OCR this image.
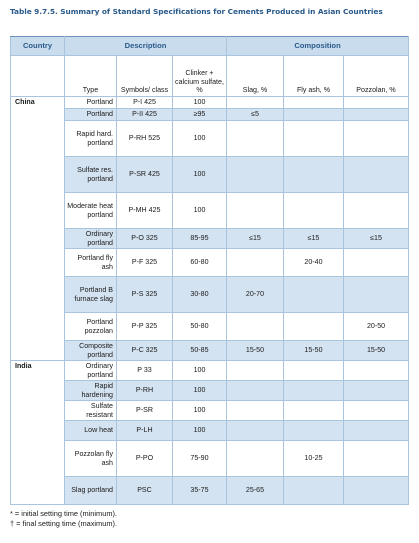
Table 9.7.5. Summary of Standard Specifications for Cements Produced in Asian Countries
Country	Description			Composition		
	Type	Symbols/ class	Clinker + calcium sulfate, %	Slag, %	Fly ash, %	Pozzolan, %
China	Portland	P-I 425	100			
	Portland	P-II 425	≥95	≤5		
	Rapid hard. portland	P-RH 525	100			
	Sulfate res. portland	P-SR 425	100			
	Moderate heat portland	P-MH 425	100			
	Ordinary portland	P-O 325	85-95	≤15	≤15	≤15
	Portland fly ash	P-F 325	60-80		20-40	
	Portland B furnace slag	P-S 325	30-80	20-70		
	Portland pozzolan	P-P 325	50-80			20-50
	Composite portland	P-C 325	50-85	15-50	15-50	15-50
India	Ordinary portland	P 33	100			
	Rapid hardening	P-RH	100			
	Sulfate resistant	P-SR	100			
	Low heat	P-LH	100			
	Pozzolan fly ash	P-PO	75-90		10-25	
	Slag portland	PSC	35-75	25-65		
* = initial setting time (minimum).
† = final setting time (maximum).
